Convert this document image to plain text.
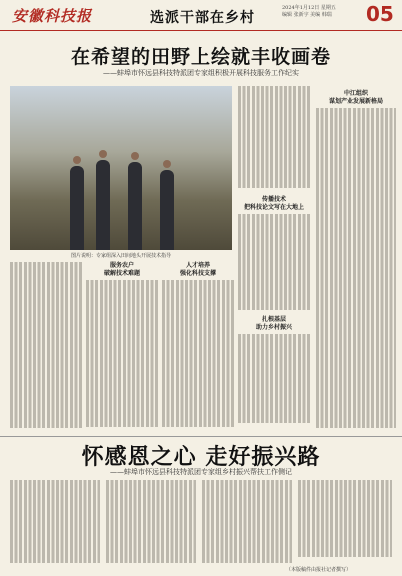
安徽科技报	选派干部在乡村
2024年1月12日 星期五
编辑 张新宇 美编 韩瑞	05
在希望的田野上绘就丰收画卷
——蚌埠市怀远县科技特派团专家组积极开展科技服务工作纪实
图片说明：专家组深入田间地头开展技术指导
传播技术
把科技论文写在大地上
扎根基层
助力乡村振兴
中江组织
谋划产业发展新格局
服务农户
破解技术难题
人才培养
强化科技支撑
怀感恩之心 走好振兴路
——蚌埠市怀远县科技特派团专家组乡村振兴帮扶工作侧记
（本版稿件由报社记者撰写）
